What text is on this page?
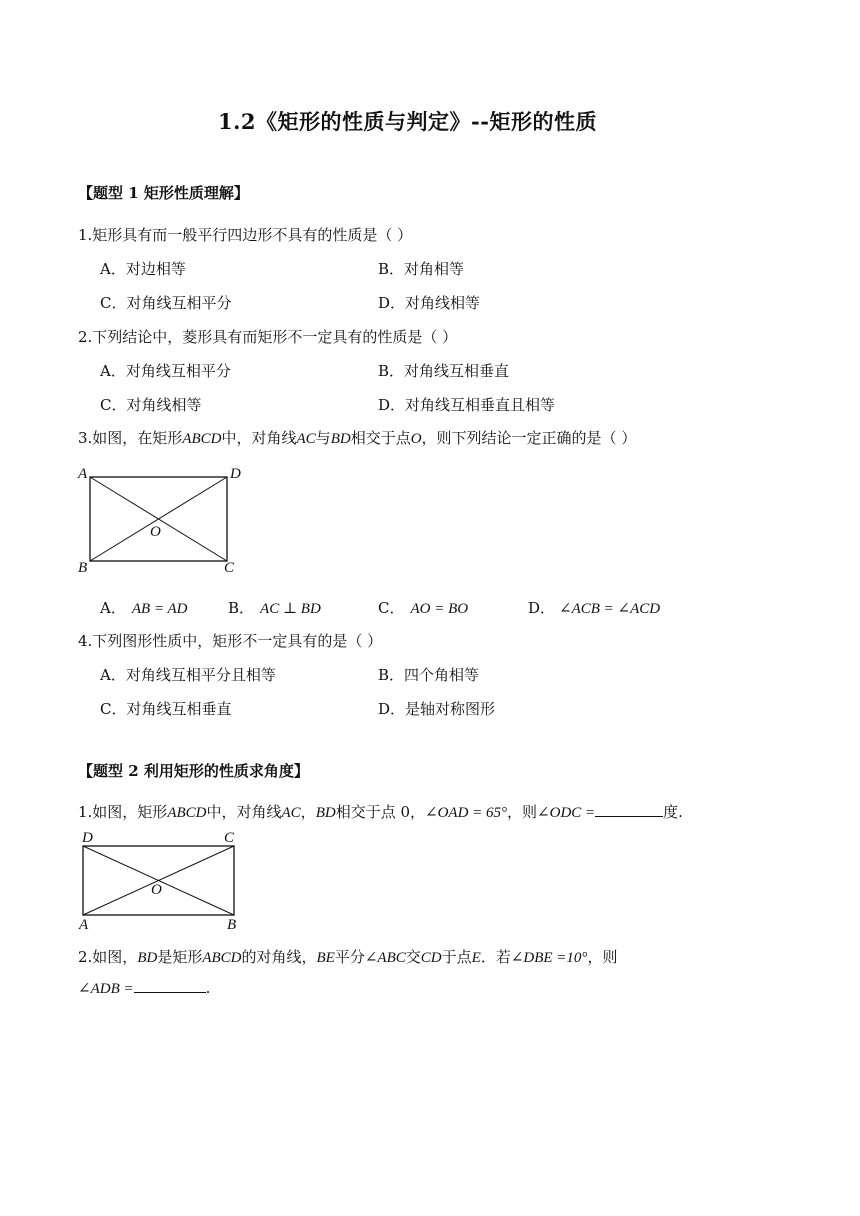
1.2《矩形的性质与判定》--矩形的性质
【题型 1 矩形性质理解】
1.矩形具有而一般平行四边形不具有的性质是（ ）
A．对边相等	B．对角相等
C．对角线互相平分	D．对角线相等
2.下列结论中，菱形具有而矩形不一定具有的性质是（ ）
A．对角线互相平分	B．对角线互相垂直
C．对角线相等	D．对角线互相垂直且相等
3.如图，在矩形ABCD中，对角线AC与BD相交于点O，则下列结论一定正确的是（ ）
A	D
B	C
O
A． AB = AD	B． AC ⊥ BD	C． AO = BO	D． ∠ACB = ∠ACD
4.下列图形性质中，矩形不一定具有的是（ ）
A．对角线互相平分且相等	B．四个角相等
C．对角线互相垂直	D．是轴对称图形
【题型 2 利用矩形的性质求角度】
1.如图，矩形ABCD中，对角线AC，BD相交于点 0，∠OAD = 65°，则∠ODC =	度.
D	C
A	B
O
2.如图，BD是矩形ABCD的对角线，BE平分∠ABC交CD于点E．若∠DBE =10°，则
∠ADB =	.
